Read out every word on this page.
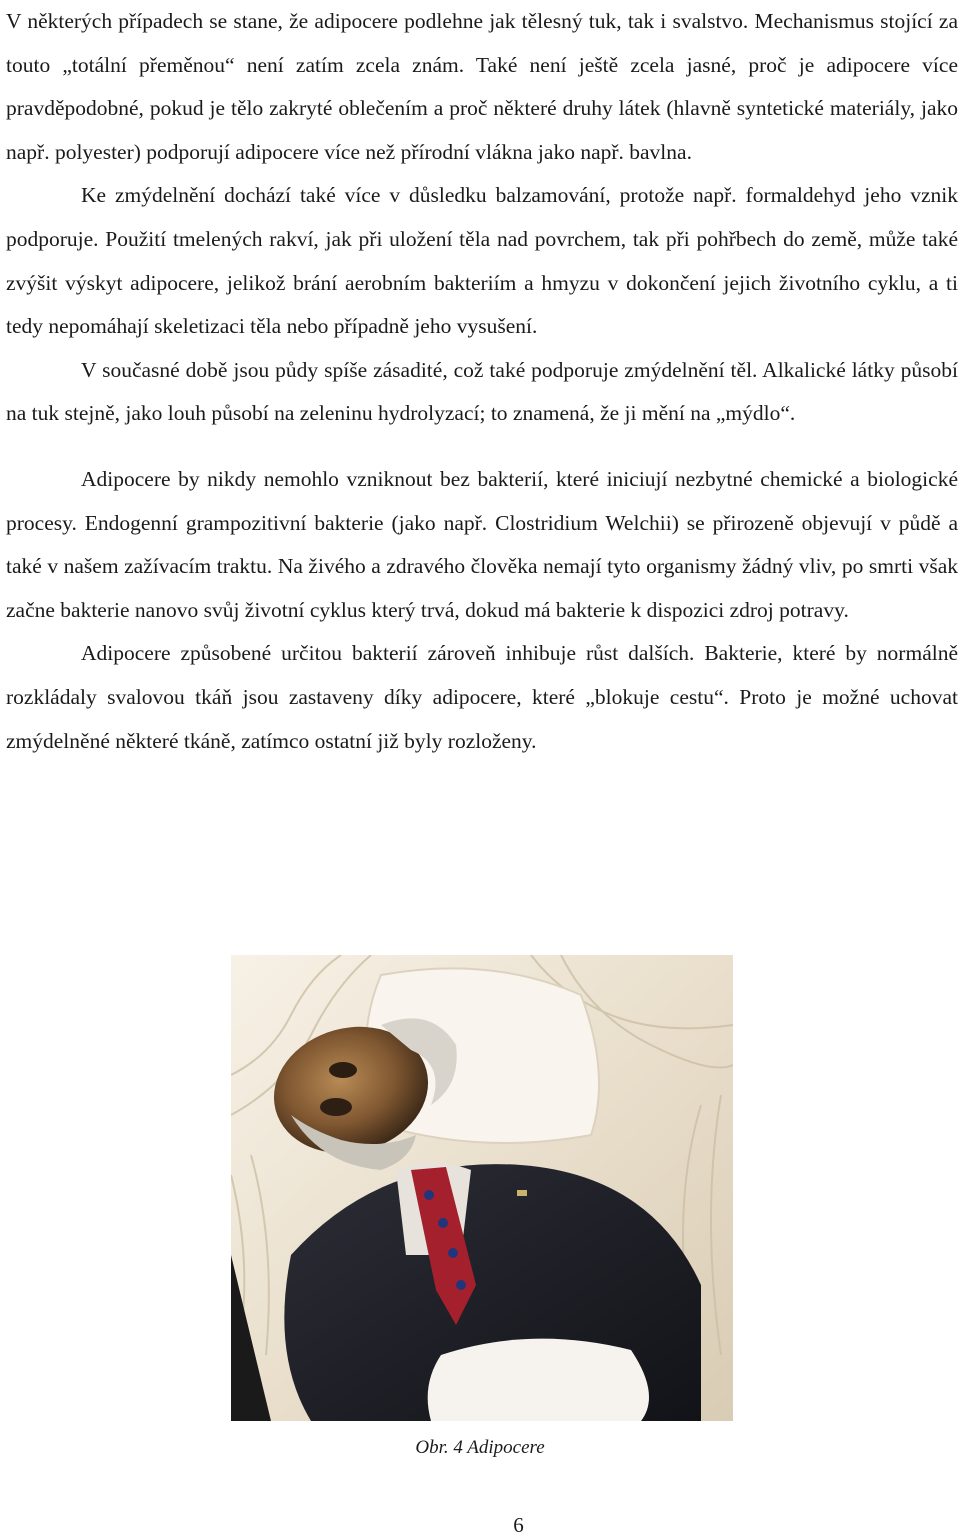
V některých případech se stane, že adipocere podlehne jak tělesný tuk, tak i svalstvo. Mechanismus stojící za touto „totální přeměnou“ není zatím zcela znám. Také není ještě zcela jasné, proč je adipocere více pravděpodobné, pokud je tělo zakryté oblečením a proč některé druhy látek (hlavně syntetické materiály, jako např. polyester) podporují adipocere více než přírodní vlákna jako např. bavlna.

Ke zmýdelnění dochází také více v důsledku balzamování, protože např. formaldehyd jeho vznik podporuje. Použití tmelených rakví, jak při uložení těla nad povrchem, tak při pohřbech do země, může také zvýšit výskyt adipocere, jelikož brání aerobním bakteriím a hmyzu v dokončení jejich životního cyklu, a ti tedy nepomáhají skeletizaci těla nebo případně jeho vysušení.

V současné době jsou půdy spíše zásadité, což také podporuje zmýdelnění těl. Alkalické látky působí na tuk stejně, jako louh působí na zeleninu hydrolyzací; to znamená, že ji mění na „mýdlo“.

Adipocere by nikdy nemohlo vzniknout bez bakterií, které iniciují nezbytné chemické a biologické procesy. Endogenní grampozitivní bakterie (jako např. Clostridium Welchii) se přirozeně objevují v půdě a také v našem zažívacím traktu. Na živého a zdravého člověka nemají tyto organismy žádný vliv, po smrti však začne bakterie nanovo svůj životní cyklus který trvá, dokud má bakterie k dispozici zdroj potravy.

Adipocere způsobené určitou bakterií zároveň inhibuje růst dalších. Bakterie, které by normálně rozkládaly svalovou tkáň jsou zastaveny díky adipocere, které „blokuje cestu“. Proto je možné uchovat zmýdelněné některé tkáně, zatímco ostatní již byly rozloženy.

Obr. 4 Adipocere
6
